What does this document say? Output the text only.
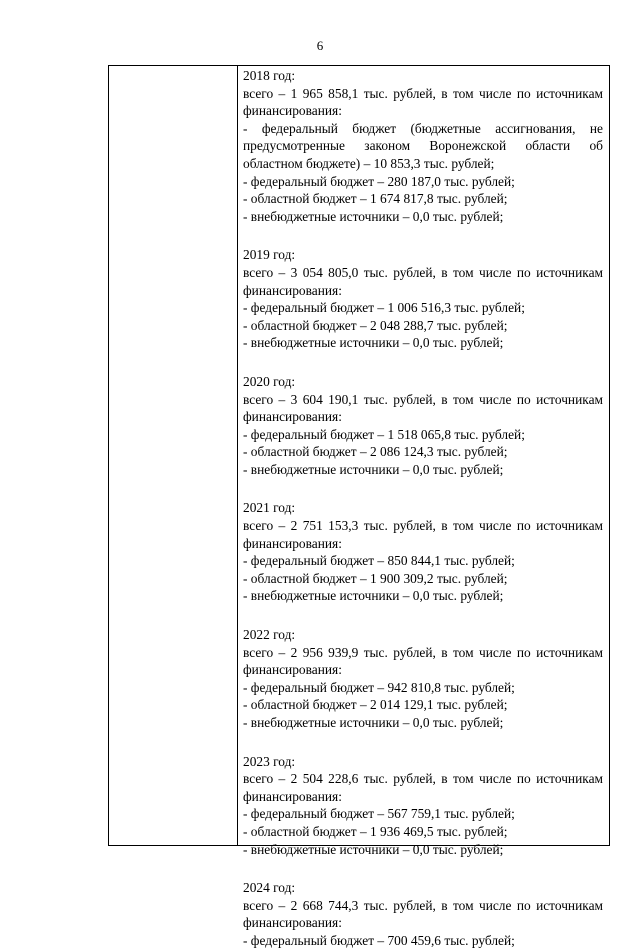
6
2018 год:
всего – 1 965 858,1 тыс. рублей, в том числе по источникам
финансирования:
- федеральный бюджет (бюджетные ассигнования, не
предусмотренные законом Воронежской области об
областном бюджете) – 10 853,3 тыс. рублей;
- федеральный бюджет – 280 187,0 тыс. рублей;
- областной бюджет – 1 674 817,8 тыс. рублей;
- внебюджетные источники – 0,0 тыс. рублей;
2019 год:
всего – 3 054 805,0 тыс. рублей, в том числе по источникам
финансирования:
- федеральный бюджет – 1 006 516,3 тыс. рублей;
- областной бюджет – 2 048 288,7 тыс. рублей;
- внебюджетные источники – 0,0 тыс. рублей;
2020 год:
всего – 3 604 190,1 тыс. рублей, в том числе по источникам
финансирования:
- федеральный бюджет – 1 518 065,8 тыс. рублей;
- областной бюджет – 2 086 124,3 тыс. рублей;
- внебюджетные источники – 0,0 тыс. рублей;
2021 год:
всего – 2 751 153,3 тыс. рублей, в том числе по источникам
финансирования:
- федеральный бюджет – 850 844,1 тыс. рублей;
- областной бюджет – 1 900 309,2 тыс. рублей;
- внебюджетные источники – 0,0 тыс. рублей;
2022 год:
всего – 2 956 939,9 тыс. рублей, в том числе по источникам
финансирования:
- федеральный бюджет – 942 810,8 тыс. рублей;
- областной бюджет – 2 014 129,1 тыс. рублей;
- внебюджетные источники – 0,0 тыс. рублей;
2023 год:
всего – 2 504 228,6 тыс. рублей, в том числе по источникам
финансирования:
- федеральный бюджет – 567 759,1 тыс. рублей;
- областной бюджет – 1 936 469,5 тыс. рублей;
- внебюджетные источники – 0,0 тыс. рублей;
2024 год:
всего – 2 668 744,3 тыс. рублей, в том числе по источникам
финансирования:
- федеральный бюджет – 700 459,6 тыс. рублей;
